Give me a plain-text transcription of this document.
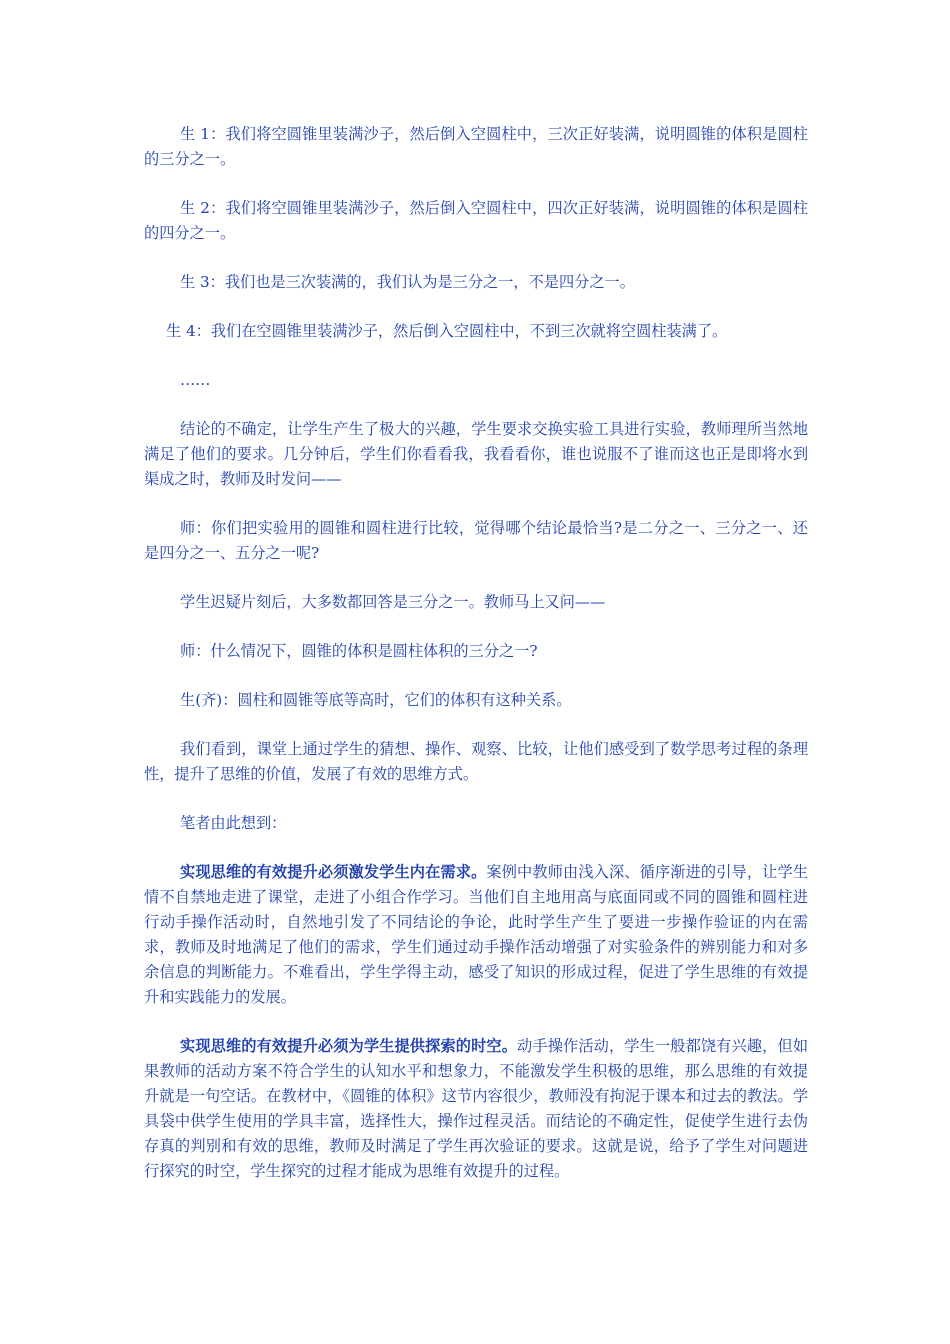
生 1：我们将空圆锥里装满沙子，然后倒入空圆柱中，三次正好装满，说明圆锥的体积是圆柱的三分之一。

生 2：我们将空圆锥里装满沙子，然后倒入空圆柱中，四次正好装满，说明圆锥的体积是圆柱的四分之一。

生 3：我们也是三次装满的，我们认为是三分之一，不是四分之一。

生 4：我们在空圆锥里装满沙子，然后倒入空圆柱中，不到三次就将空圆柱装满了。

……

结论的不确定，让学生产生了极大的兴趣，学生要求交换实验工具进行实验，教师理所当然地满足了他们的要求。几分钟后，学生们你看看我，我看看你，谁也说服不了谁而这也正是即将水到渠成之时，教师及时发问——

师：你们把实验用的圆锥和圆柱进行比较，觉得哪个结论最恰当?是二分之一、三分之一、还是四分之一、五分之一呢?

学生迟疑片刻后，大多数都回答是三分之一。教师马上又问——

师：什么情况下，圆锥的体积是圆柱体积的三分之一?

生(齐)：圆柱和圆锥等底等高时，它们的体积有这种关系。

我们看到，课堂上通过学生的猜想、操作、观察、比较，让他们感受到了数学思考过程的条理性，提升了思维的价值，发展了有效的思维方式。

笔者由此想到：

实现思维的有效提升必须激发学生内在需求。案例中教师由浅入深、循序渐进的引导，让学生情不自禁地走进了课堂，走进了小组合作学习。当他们自主地用高与底面同或不同的圆锥和圆柱进行动手操作活动时，自然地引发了不同结论的争论，此时学生产生了要进一步操作验证的内在需求，教师及时地满足了他们的需求，学生们通过动手操作活动增强了对实验条件的辨别能力和对多余信息的判断能力。不难看出，学生学得主动，感受了知识的形成过程，促进了学生思维的有效提升和实践能力的发展。

实现思维的有效提升必须为学生提供探索的时空。动手操作活动，学生一般都饶有兴趣，但如果教师的活动方案不符合学生的认知水平和想象力，不能激发学生积极的思维，那么思维的有效提升就是一句空话。在教材中，《圆锥的体积》这节内容很少，教师没有拘泥于课本和过去的教法。学具袋中供学生使用的学具丰富，选择性大，操作过程灵活。而结论的不确定性，促使学生进行去伪存真的判别和有效的思维，教师及时满足了学生再次验证的要求。这就是说，给予了学生对问题进行探究的时空，学生探究的过程才能成为思维有效提升的过程。
